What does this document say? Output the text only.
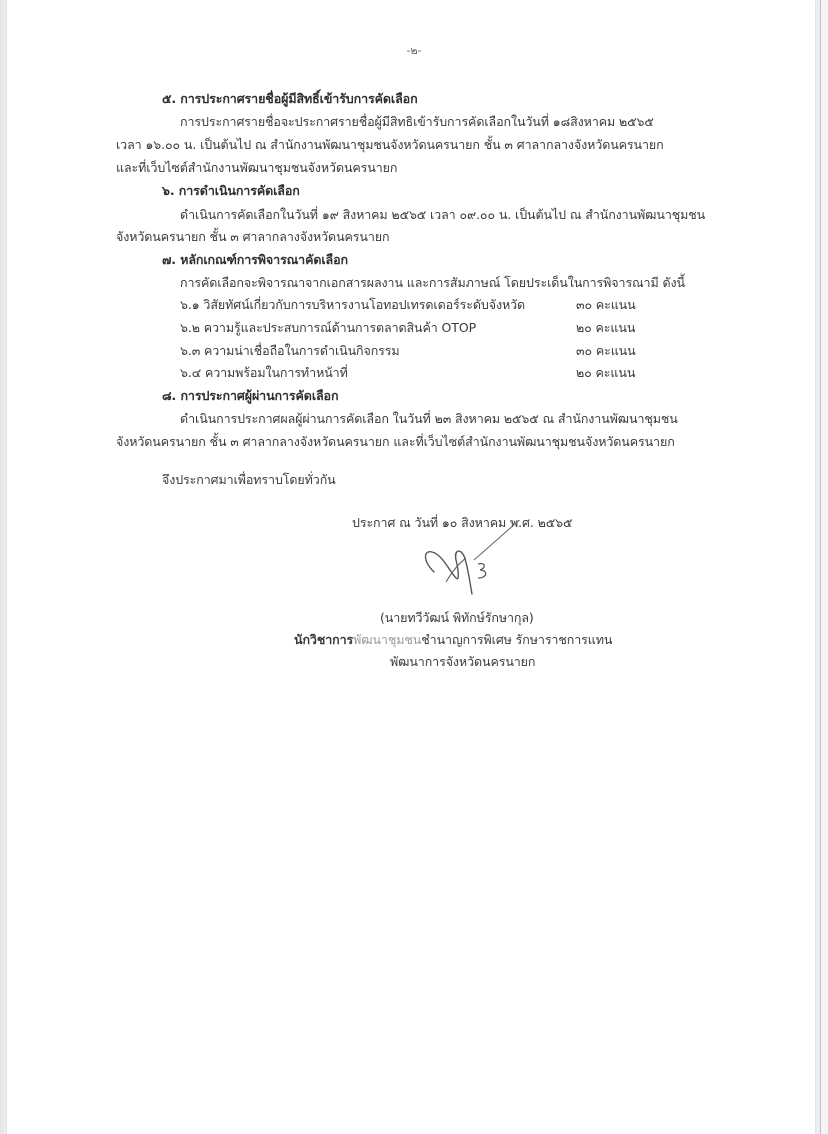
-๒-
๕. การประกาศรายชื่อผู้มีสิทธิ์เข้ารับการคัดเลือก
การประกาศรายชื่อจะประกาศรายชื่อผู้มีสิทธิเข้ารับการคัดเลือกในวันที่ ๑๘สิงหาคม ๒๕๖๕
เวลา ๑๖.๐๐ น. เป็นต้นไป ณ สำนักงานพัฒนาชุมชนจังหวัดนครนายก ชั้น ๓ ศาลากลางจังหวัดนครนายก
และที่เว็บไซต์สำนักงานพัฒนาชุมชนจังหวัดนครนายก
๖. การดำเนินการคัดเลือก
ดำเนินการคัดเลือกในวันที่ ๑๙ สิงหาคม ๒๕๖๕ เวลา ๐๙.๐๐ น. เป็นต้นไป ณ สำนักงานพัฒนาชุมชน
จังหวัดนครนายก ชั้น ๓ ศาลากลางจังหวัดนครนายก
๗. หลักเกณฑ์การพิจารณาคัดเลือก
การคัดเลือกจะพิจารณาจากเอกสารผลงาน และการสัมภาษณ์ โดยประเด็นในการพิจารณามี ดังนี้
๖.๑ วิสัยทัศน์เกี่ยวกับการบริหารงานโอทอปเทรดเดอร์ระดับจังหวัด	๓๐ คะแนน
๖.๒ ความรู้และประสบการณ์ด้านการตลาดสินค้า OTOP	๒๐ คะแนน
๖.๓ ความน่าเชื่อถือในการดำเนินกิจกรรม	๓๐ คะแนน
๖.๔ ความพร้อมในการทำหน้าที่	๒๐ คะแนน
๘. การประกาศผู้ผ่านการคัดเลือก
ดำเนินการประกาศผลผู้ผ่านการคัดเลือก ในวันที่ ๒๓ สิงหาคม ๒๕๖๕ ณ สำนักงานพัฒนาชุมชน
จังหวัดนครนายก ชั้น ๓ ศาลากลางจังหวัดนครนายก และที่เว็บไซต์สำนักงานพัฒนาชุมชนจังหวัดนครนายก
จึงประกาศมาเพื่อทราบโดยทั่วกัน
ประกาศ ณ วันที่ ๑๐ สิงหาคม พ.ศ. ๒๕๖๕
(นายทวีวัฒน์ พิทักษ์รักษากุล)
นักวิชาการพัฒนาชุมชนชำนาญการพิเศษ รักษาราชการแทน
พัฒนาการจังหวัดนครนายก
